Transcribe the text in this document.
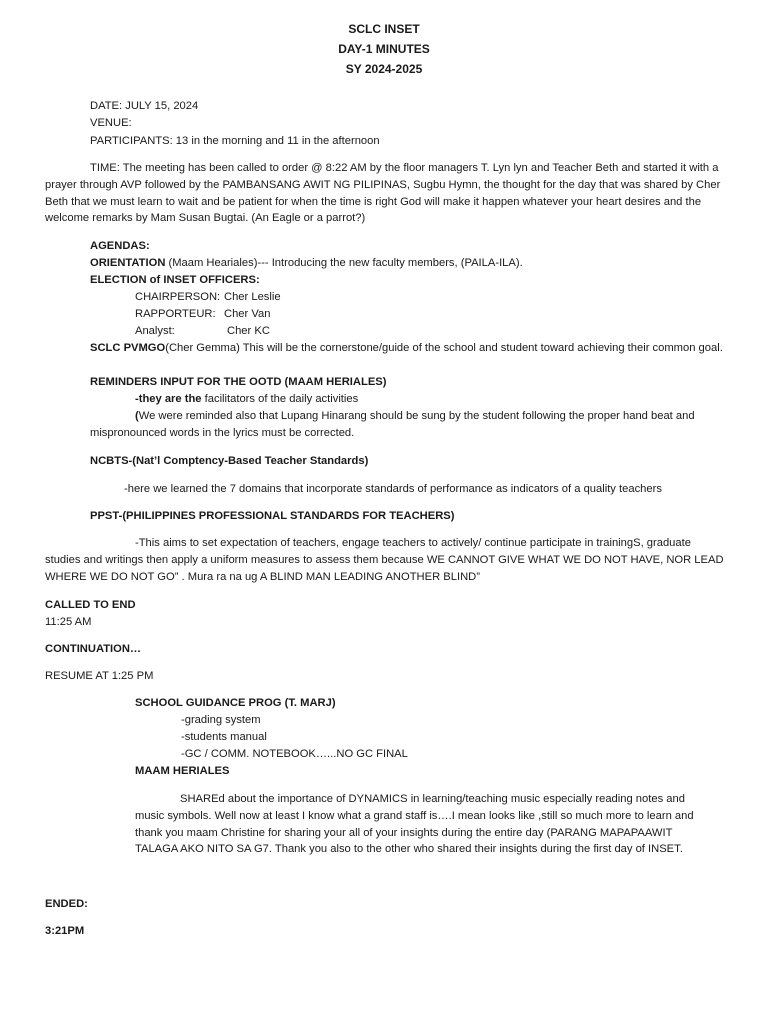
SCLC INSET
DAY-1 MINUTES
SY 2024-2025
DATE: JULY 15, 2024
VENUE:
PARTICIPANTS: 13 in the morning and 11 in the afternoon
TIME: The meeting has been called to order @ 8:22 AM by the floor managers T. Lyn lyn and Teacher Beth and started it with a prayer through AVP followed by the PAMBANSANG AWIT NG PILIPINAS, Sugbu Hymn, the thought for the day that was shared by Cher Beth that we must learn to wait and be patient for when the time is right God will make it happen whatever your heart desires and the welcome remarks by Mam Susan Bugtai. (An Eagle or a parrot?)
AGENDAS:
ORIENTATION (Maam Heariales)--- Introducing the new faculty members, (PAILA-ILA).
ELECTION of INSET OFFICERS:
CHAIRPERSON: Cher Leslie
RAPPORTEUR: Cher Van
Analyst:	Cher KC
SCLC PVMGO(Cher Gemma) This will be the cornerstone/guide of the school and student toward achieving their common goal.
REMINDERS INPUT FOR THE OOTD (MAAM HERIALES)
-they are the facilitators of the daily activities
(We were reminded also that Lupang Hinarang should be sung by the student following the proper hand beat and mispronounced words in the lyrics must be corrected.
NCBTS-(Nat’l Comptency-Based Teacher Standards)
-here we learned the 7 domains that incorporate standards of performance as indicators of a quality teachers
PPST-(PHILIPPINES PROFESSIONAL STANDARDS FOR TEACHERS)
-This aims to set expectation of teachers, engage teachers to actively/ continue participate in trainingS, graduate studies and writings then apply a uniform measures to assess them because WE CANNOT GIVE WHAT WE DO NOT HAVE, NOR LEAD WHERE WE DO NOT GO” . Mura ra na ug A BLIND MAN LEADING ANOTHER BLIND”
CALLED TO END
11:25 AM
CONTINUATION…
RESUME AT 1:25 PM
SCHOOL GUIDANCE PROG (T. MARJ)
-grading system
-students manual
-GC / COMM. NOTEBOOK…...NO GC FINAL
MAAM HERIALES
SHAREd about the importance of DYNAMICS in learning/teaching music especially reading notes and music symbols. Well now at least I know what a grand staff is….I mean looks like ,still so much more to learn and thank you maam Christine for sharing your all of your insights during the entire day (PARANG MAPAPAAWIT TALAGA AKO NITO SA G7. Thank you also to the other who shared their insights during the first day of INSET.
ENDED:
3:21PM
